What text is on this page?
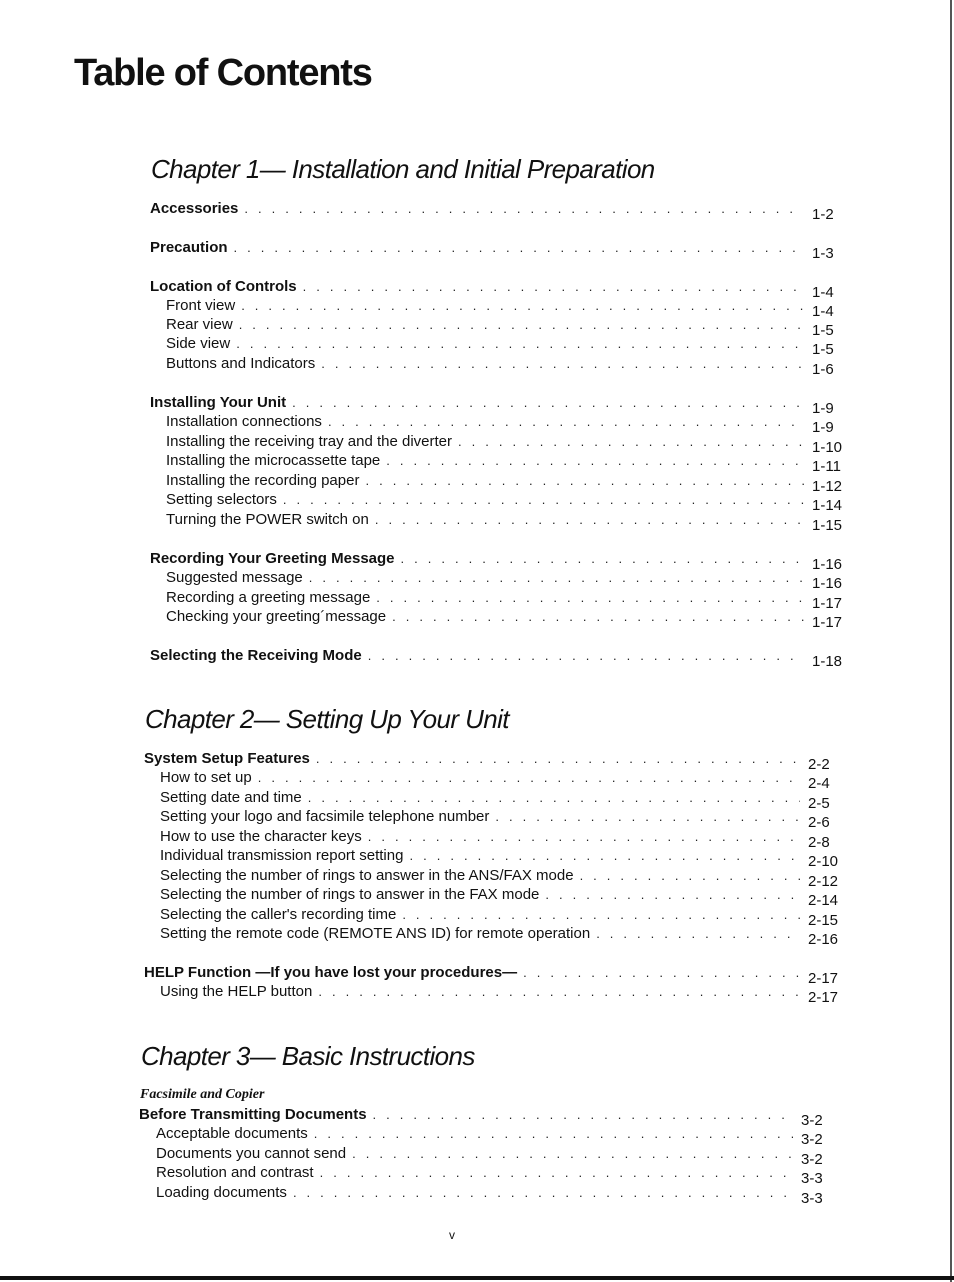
Table of Contents
Chapter 1— Installation and Initial Preparation
Accessories . . .	1-2
Precaution . . .	1-3
Location of Controls . . .	1-4
Front view . . .	1-4
Rear view . . .	1-5
Side view . . .	1-5
Buttons and Indicators . . .	1-6
Installing Your Unit . . .	1-9
Installation connections . . .	1-9
Installing the receiving tray and the diverter . . .	1-10
Installing the microcassette tape . . .	1-11
Installing the recording paper . . .	1-12
Setting selectors . . .	1-14
Turning the POWER switch on . . .	1-15
Recording Your Greeting Message . . .	1-16
Suggested message . . .	1-16
Recording a greeting message . . .	1-17
Checking your greeting´message . . .	1-17
Selecting the Receiving Mode . . .	1-18
Chapter 2— Setting Up Your Unit
System Setup Features . . .	2-2
How to set up . . .	2-4
Setting date and time . . .	2-5
Setting your logo and facsimile telephone number . . .	2-6
How to use the character keys . . .	2-8
Individual transmission report setting . . .	2-10
Selecting the number of rings to answer in the ANS/FAX mode . . .	2-12
Selecting the number of rings to answer in the FAX mode . . .	2-14
Selecting the caller's recording time . . .	2-15
Setting the remote code (REMOTE ANS ID) for remote operation . . .	2-16
HELP Function —If you have lost your procedures— . . .	2-17
Using the HELP button . . .	2-17
Chapter 3— Basic Instructions

Facsimile and Copier

Before Transmitting Documents . . .	3-2
Acceptable documents . . .	3-2
Documents you cannot send . . .	3-2
Resolution and contrast . . .	3-3
Loading documents . . .	3-3
v
